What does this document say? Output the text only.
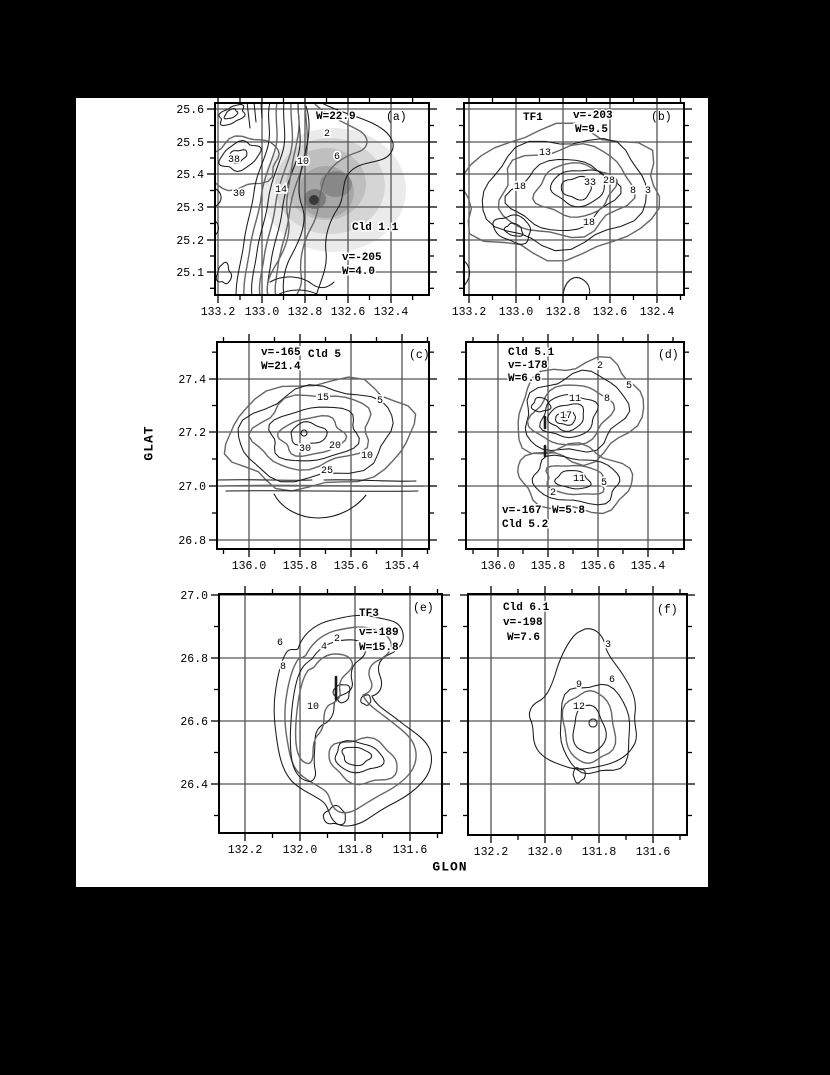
GLAT
GLON
2
6
10
14
38
30
W=22.9
Cld 1.1
v=-205
W=4.0
(a)
133.2 133.0 132.8 132.6 132.4
25.6
25.5
25.4
25.3
25.2
25.1
13
18	33 28
8 3
18
TF1	v=-203
W=9.5
(b)
133.2 133.0 132.8 132.6 132.4
15	5
30 20
10
25
v=-165
W=21.4
Cld 5	(c)
136.0 135.8 135.6 135.4
27.4
27.2
27.0
26.8
2
5
11 8
17
11 5
2
Cld 5.1
v=-178
W=6.6
v=-167 W=5.8
Cld 5.2
(d)
136.0 135.8 135.6 135.4
2
4
6
8
10
TF3
v=-189
W=15.8
(e)
132.2 132.0 131.8 131.6
27.0
26.8
26.6
26.4
3
6
9
12
Cld 6.1
v=-198
W=7.6
(f)
132.2 132.0 131.8 131.6
